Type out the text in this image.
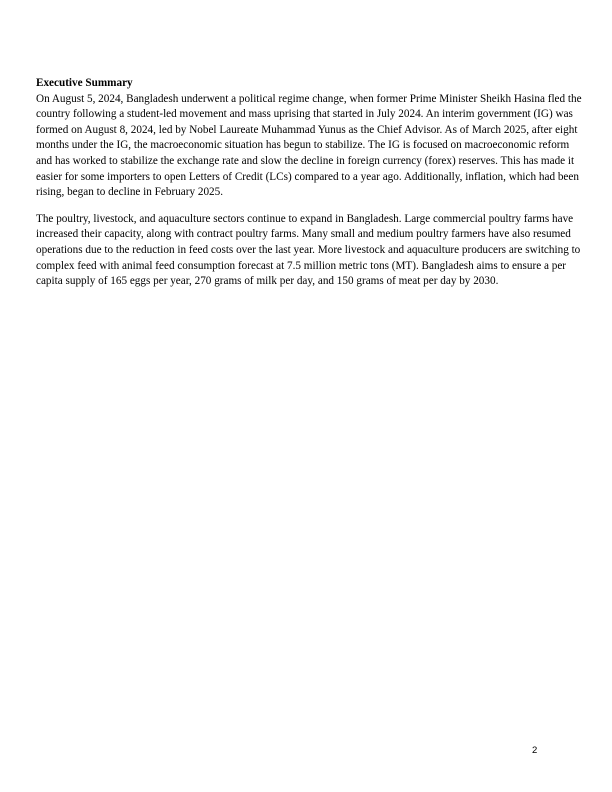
Executive Summary

On August 5, 2024, Bangladesh underwent a political regime change, when former Prime Minister Sheikh Hasina fled the country following a student-led movement and mass uprising that started in July 2024. An interim government (IG) was formed on August 8, 2024, led by Nobel Laureate Muhammad Yunus as the Chief Advisor. As of March 2025, after eight months under the IG, the macroeconomic situation has begun to stabilize. The IG is focused on macroeconomic reform and has worked to stabilize the exchange rate and slow the decline in foreign currency (forex) reserves. This has made it easier for some importers to open Letters of Credit (LCs) compared to a year ago. Additionally, inflation, which had been rising, began to decline in February 2025.

The poultry, livestock, and aquaculture sectors continue to expand in Bangladesh. Large commercial poultry farms have increased their capacity, along with contract poultry farms. Many small and medium poultry farmers have also resumed operations due to the reduction in feed costs over the last year. More livestock and aquaculture producers are switching to complex feed with animal feed consumption forecast at 7.5 million metric tons (MT). Bangladesh aims to ensure a per capita supply of 165 eggs per year, 270 grams of milk per day, and 150 grams of meat per day by 2030.

2
